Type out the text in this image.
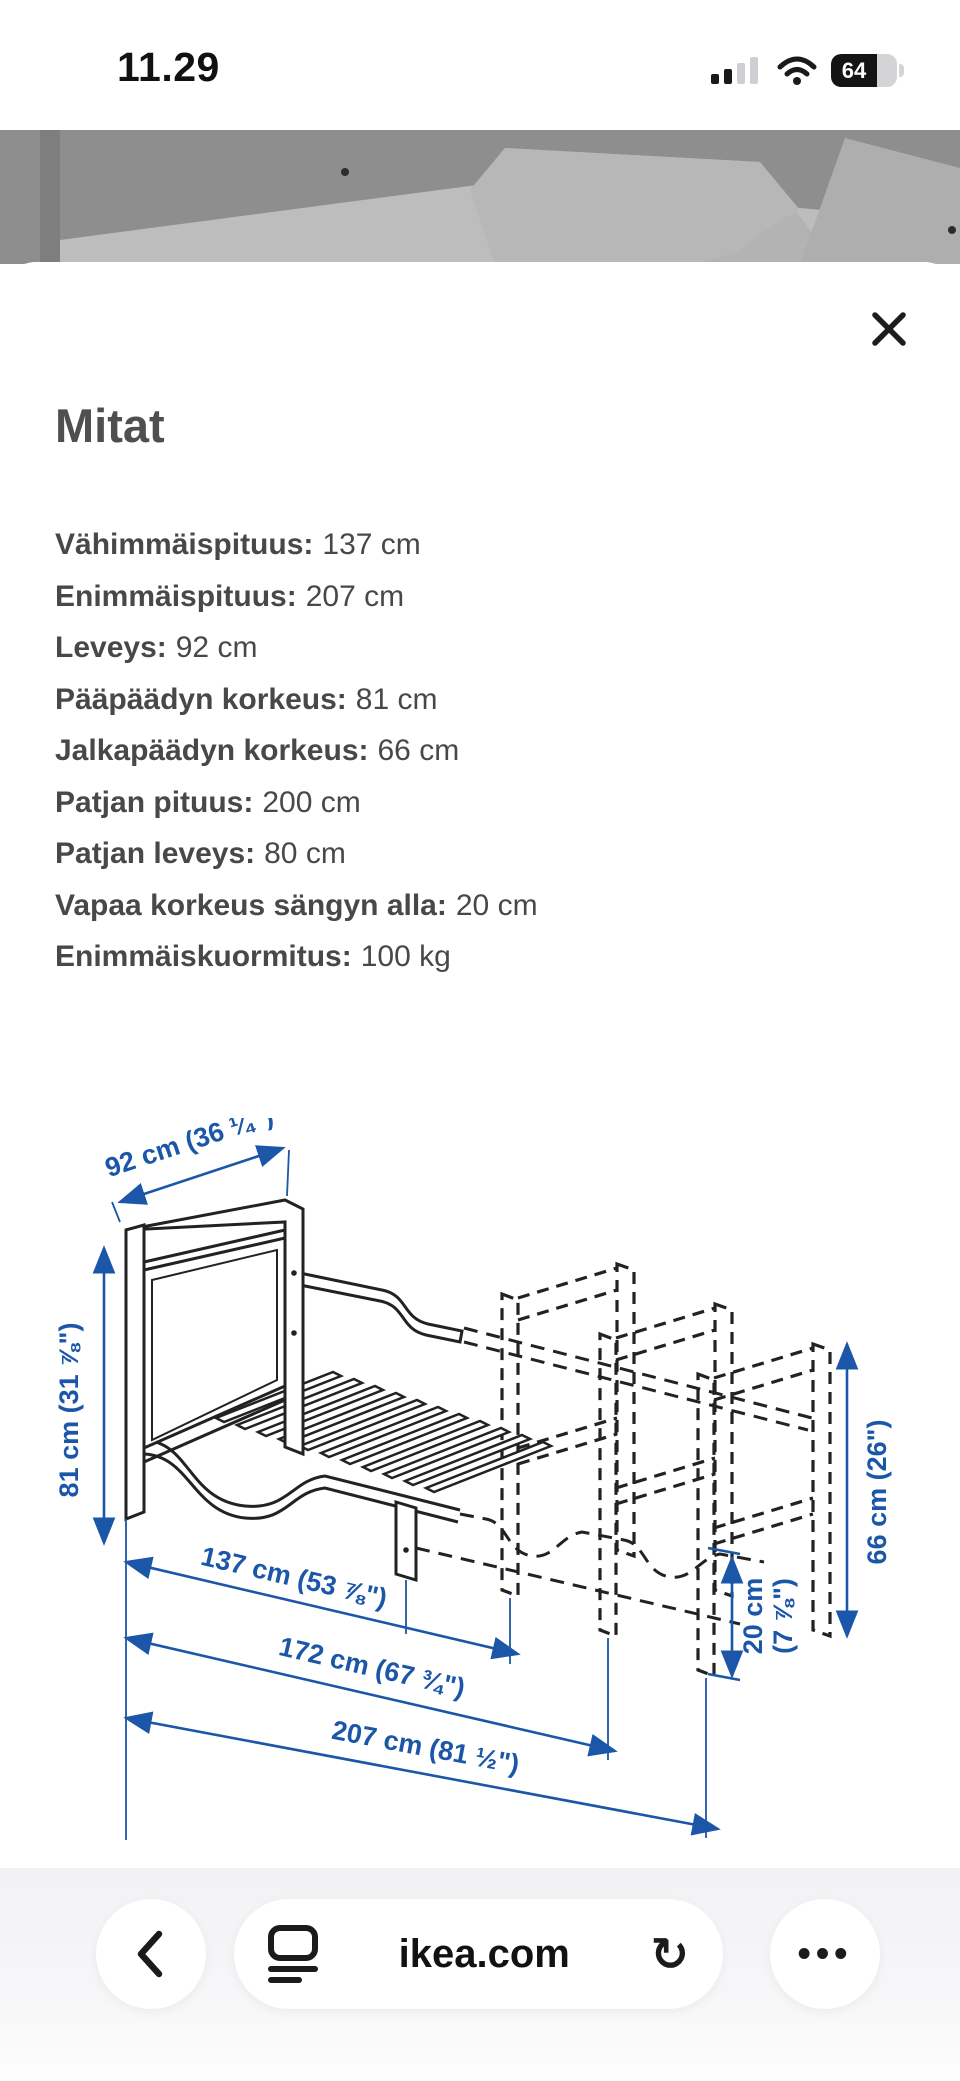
11.29	64
Mitat
Vähimmäispituus: 137 cm
Enimmäispituus: 207 cm
Leveys: 92 cm
Pääpäädyn korkeus: 81 cm
Jalkapäädyn korkeus: 66 cm
Patjan pituus: 200 cm
Patjan leveys: 80 cm
Vapaa korkeus sängyn alla: 20 cm
Enimmäiskuormitus: 100 kg
92 cm (36 ¼")
81 cm (31 ⅞")	66 cm (26")
20 cm (7 ⅞")
137 cm (53 ⅞")
172 cm (67 ¾")
207 cm (81 ½")
ikea.com ↻	•••
